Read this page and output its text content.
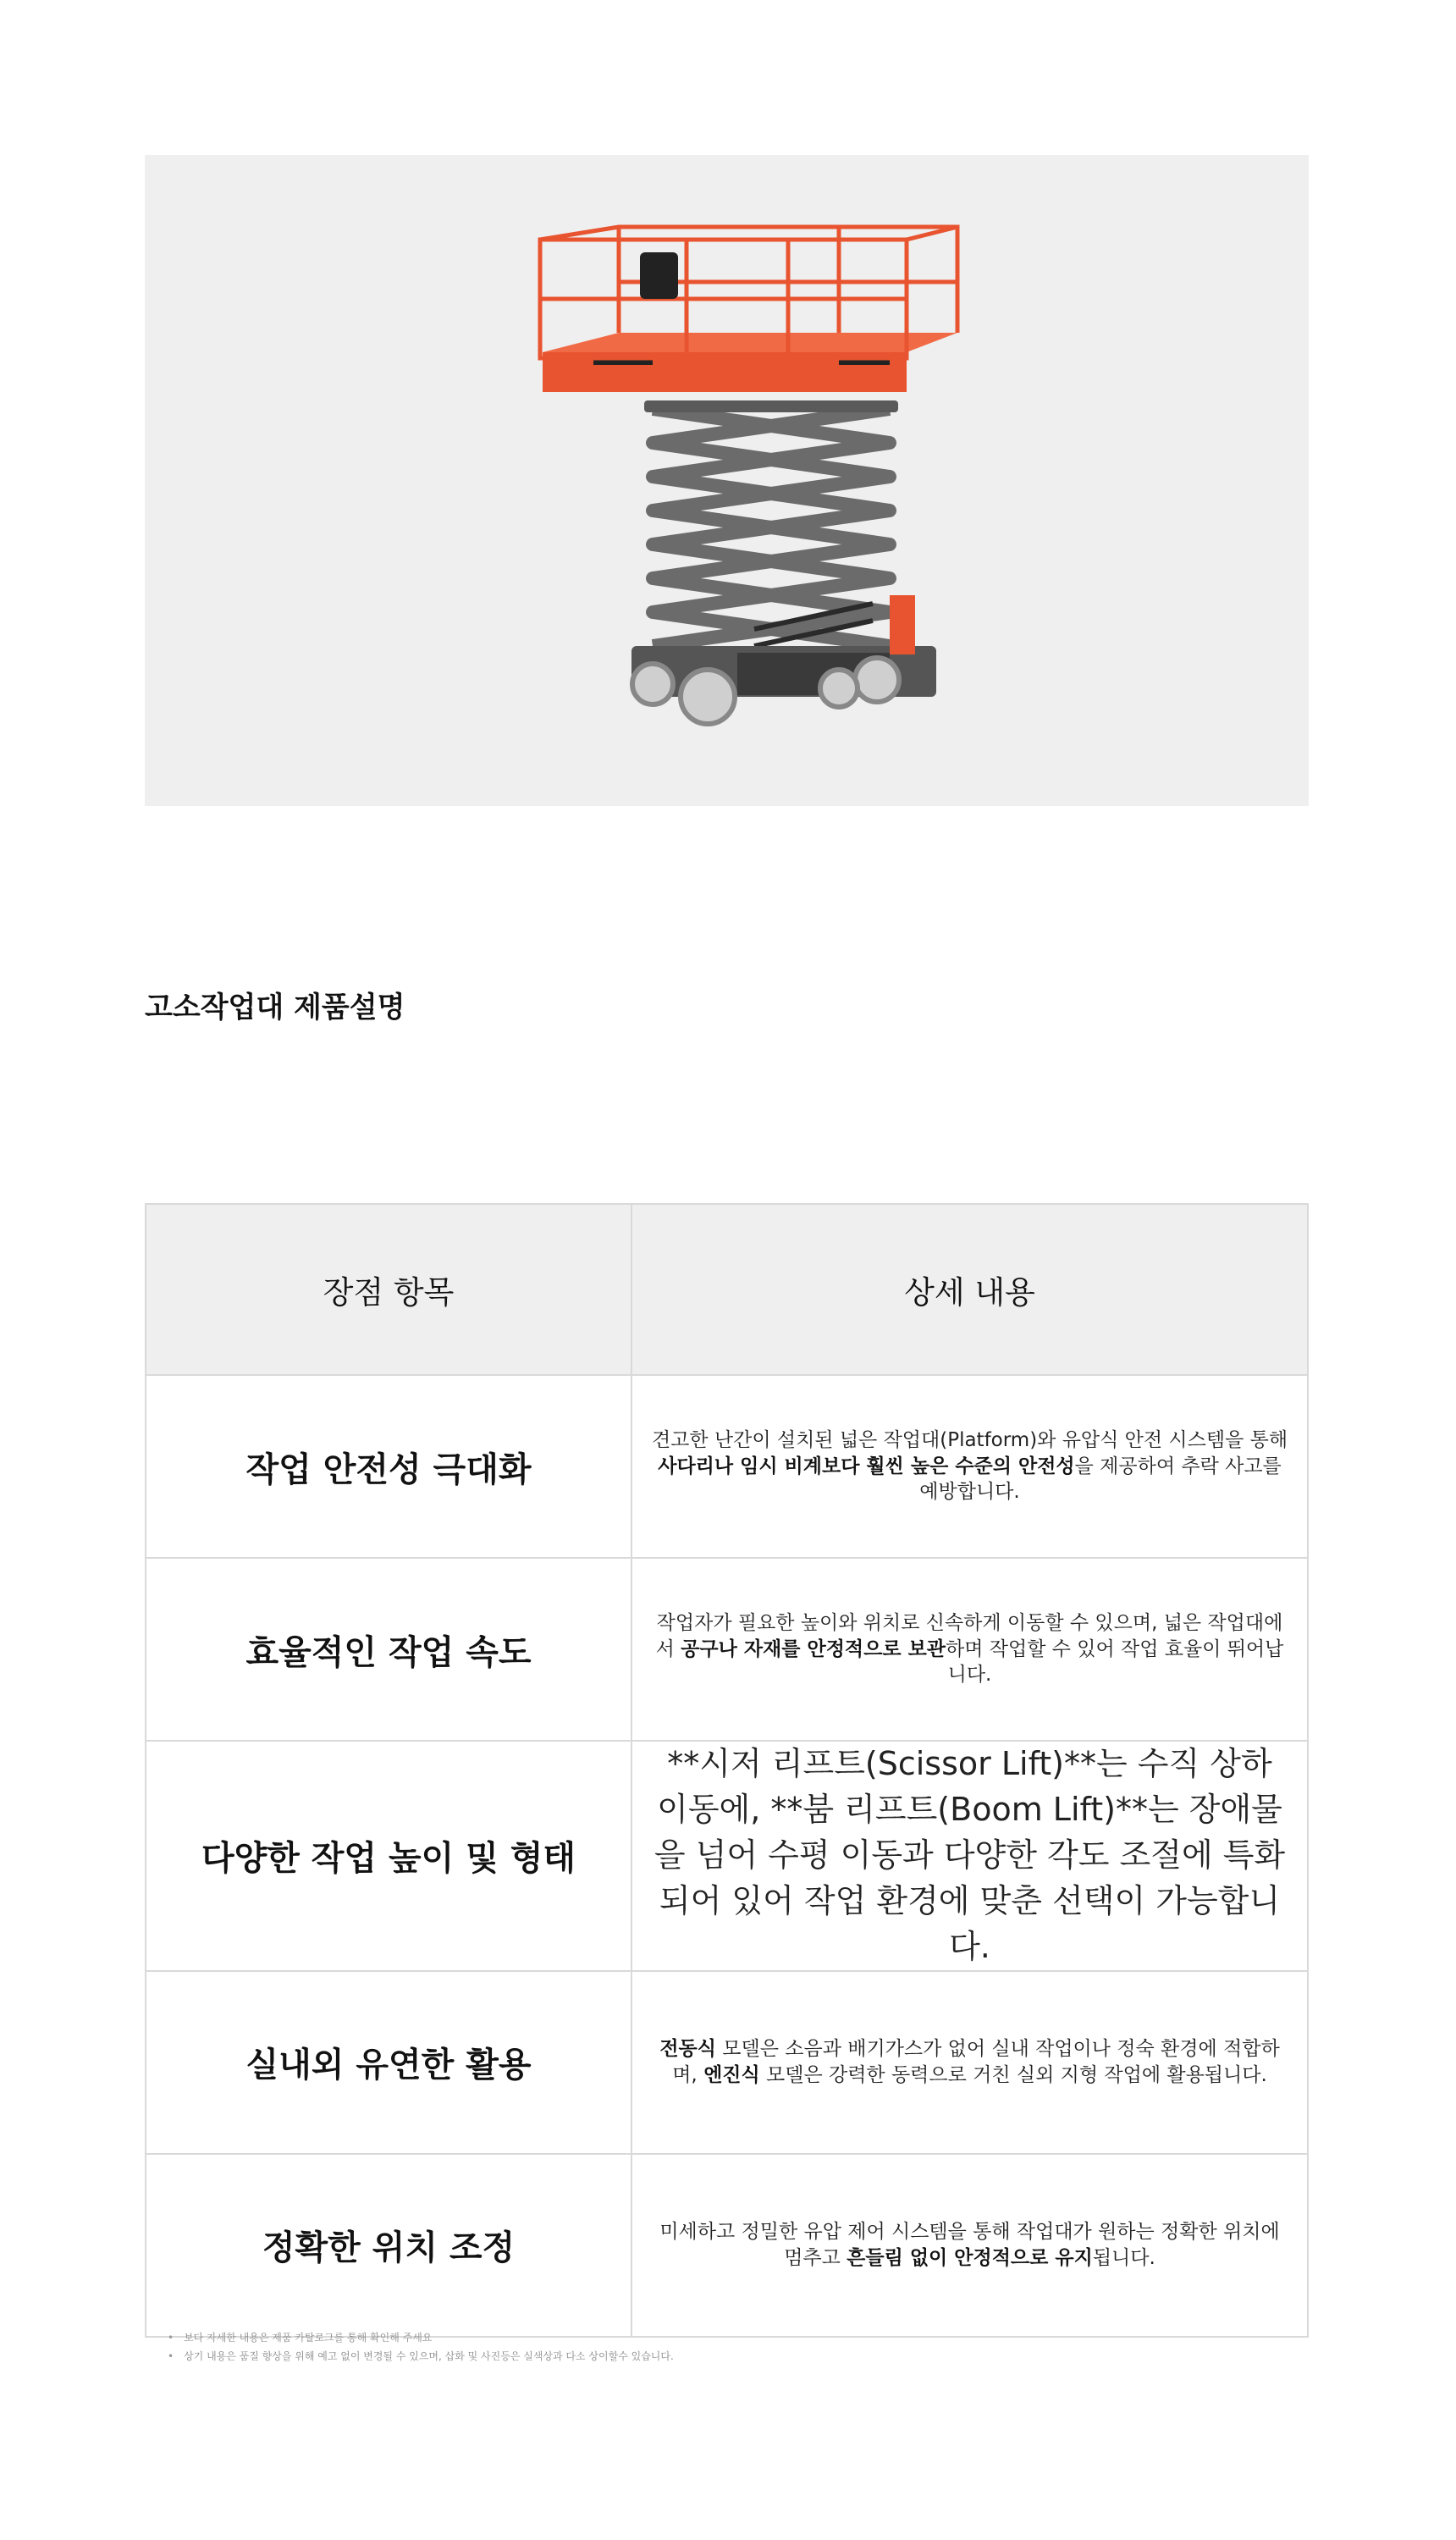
고소작업대 제품설명
장점 항목	상세 내용
작업 안전성 극대화	견고한 난간이 설치된 넓은 작업대(Platform)와 유압식 안전 시스템을 통해 사다리나 임시 비계보다 훨씬 높은 수준의 안전성을 제공하여 추락 사고를 예방합니다.
효율적인 작업 속도	작업자가 필요한 높이와 위치로 신속하게 이동할 수 있으며, 넓은 작업대에서 공구나 자재를 안정적으로 보관하며 작업할 수 있어 작업 효율이 뛰어납니다.
다양한 작업 높이 및 형태	**시저 리프트(Scissor Lift)**는 수직 상하 이동에, **붐 리프트(Boom Lift)**는 장애물을 넘어 수평 이동과 다양한 각도 조절에 특화되어 있어 작업 환경에 맞춘 선택이 가능합니다.
실내외 유연한 활용	전동식 모델은 소음과 배기가스가 없어 실내 작업이나 정숙 환경에 적합하며, 엔진식 모델은 강력한 동력으로 거친 실외 지형 작업에 활용됩니다.
정확한 위치 조정	미세하고 정밀한 유압 제어 시스템을 통해 작업대가 원하는 정확한 위치에 멈추고 흔들림 없이 안정적으로 유지됩니다.
• 보다 자세한 내용은 제품 카탈로그를 통해 확인해 주세요
• 상기 내용은 품질 향상을 위해 예고 없이 변경될 수 있으며, 삽화 및 사진등은 실색상과 다소 상이할수 있습니다.
